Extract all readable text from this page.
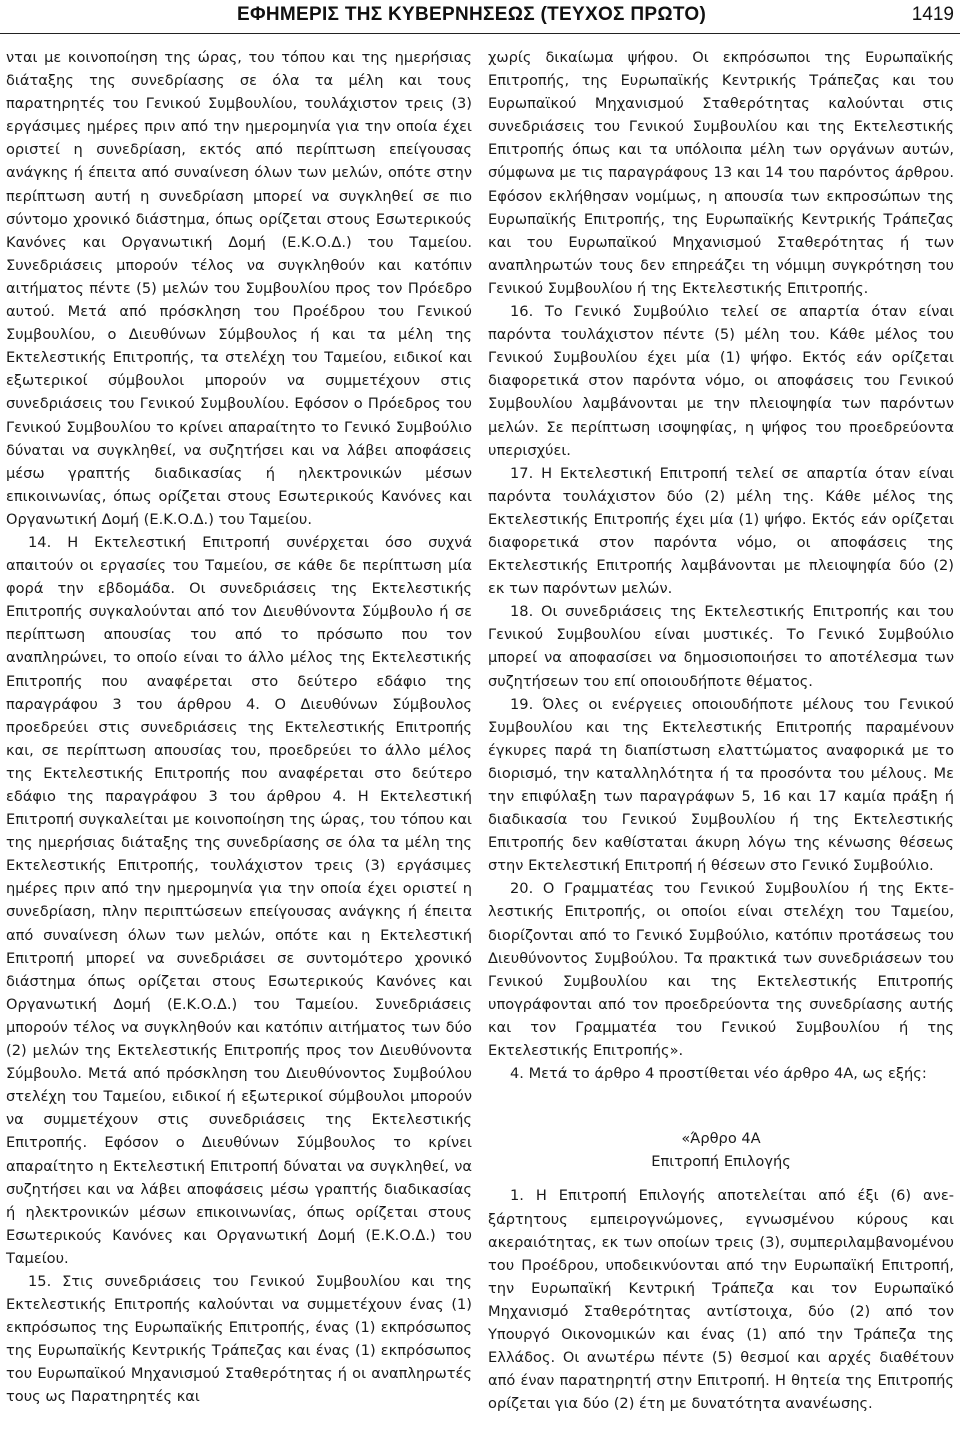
ΕΦΗΜΕΡΙΣ ΤΗΣ ΚΥΒΕΡΝΗΣΕΩΣ (ΤΕΥΧΟΣ ΠΡΩΤΟ)	1419

νται με κοινοποίηση της ώρας, του τόπου και της ημερήσιας διάταξης της συνεδρίασης σε όλα τα μέλη και τους παρατηρητές του Γενικού Συμβουλίου, τουλάχιστον τρεις (3) εργάσιμες ημέρες πριν από την ημερομηνία για την οποία έχει οριστεί η συνεδρίαση, εκτός από περίπτωση επείγουσας ανάγκης ή έπειτα από συναίνεση όλων των μελών, οπότε στην περίπτωση αυτή η συνεδρίαση μπορεί να συγκληθεί σε πιο σύντομο χρονικό διάστημα, όπως ορίζεται στους Εσωτερικούς Κανόνες και Οργανωτική Δομή (Ε.Κ.Ο.Δ.) του Ταμείου. Συνεδριάσεις μπορούν τέλος να συγκληθούν και κατόπιν αιτήματος πέντε (5) μελών του Συμβουλίου προς τον Πρόεδρο αυτού. Μετά από πρόσκληση του Προέδρου του Γενικού Συμβουλίου, ο Διευθύνων Σύμβουλος ή και τα μέλη της Εκτελεστικής Επιτροπής, τα στελέχη του Ταμείου, ειδικοί και εξωτερικοί σύμβουλοι μπορούν να συμμετέχουν στις συνεδριάσεις του Γενικού Συμβουλίου. Εφόσον ο Πρόεδρος του Γενικού Συμβουλίου το κρίνει απαραίτητο το Γενικό Συμβούλιο δύναται να συγκληθεί, να συζητήσει και να λάβει αποφάσεις μέσω γραπτής διαδικασίας ή ηλεκτρονικών μέσων επικοινωνίας, όπως ορίζεται στους Εσωτερικούς Κανόνες και Οργανωτική Δομή (Ε.Κ.Ο.Δ.) του Ταμείου.

14. Η Εκτελεστική Επιτροπή συνέρχεται όσο συχνά απαιτούν οι εργασίες του Ταμείου, σε κάθε δε περίπτωση μία φορά την εβδομάδα. Οι συνεδριάσεις της Εκτελεστικής Επιτροπής συγκαλούνται από τον Διευθύνοντα Σύμβουλο ή σε περίπτωση απουσίας του από το πρόσωπο που τον αναπληρώνει, το οποίο είναι το άλλο μέλος της Εκτελεστικής Επιτροπής που αναφέρεται στο δεύτερο εδάφιο της παραγράφου 3 του άρθρου 4. Ο Διευθύνων Σύμβουλος προεδρεύει στις συνεδριάσεις της Εκτελεστικής Επιτροπής και, σε περίπτωση απουσίας του, προεδρεύει το άλλο μέλος της Εκτελεστικής Επιτροπής που αναφέρεται στο δεύτερο εδάφιο της παραγράφου 3 του άρθρου 4. Η Εκτελεστική Επιτροπή συγκαλείται με κοινοποίηση της ώρας, του τόπου και της ημερήσιας διάταξης της συνεδρίασης σε όλα τα μέλη της Εκτελεστικής Επιτροπής, τουλάχιστον τρεις (3) εργάσιμες ημέρες πριν από την ημερομηνία για την οποία έχει οριστεί η συνεδρίαση, πλην περιπτώσεων επείγουσας ανάγκης ή έπειτα από συναίνεση όλων των μελών, οπότε και η Εκτελεστική Επιτροπή μπορεί να συνεδριάσει σε συντομότερο χρονικό διάστημα όπως ορίζεται στους Εσωτερικούς Κανόνες και Οργανωτική Δομή (Ε.Κ.Ο.Δ.) του Ταμείου. Συνεδριάσεις μπορούν τέλος να συγκληθούν και κατόπιν αιτήματος των δύο (2) μελών της Εκτελεστικής Επιτροπής προς τον Διευθύνοντα Σύμβουλο. Μετά από πρόσκληση του Διευθύνοντος Συμβούλου στελέχη του Ταμείου, ειδικοί ή εξωτερικοί σύμβουλοι μπορούν να συμμετέχουν στις συνεδριάσεις της Εκτελεστικής Επιτροπής. Εφόσον ο Διευθύνων Σύμβουλος το κρίνει απαραίτητο η Εκτελεστική Επιτροπή δύναται να συγκληθεί, να συζητήσει και να λάβει αποφάσεις μέσω γραπτής διαδικασίας ή ηλεκτρονικών μέσων επικοινωνίας, όπως ορίζεται στους Εσωτερικούς Κανόνες και Οργανωτική Δομή (Ε.Κ.Ο.Δ.) του Ταμείου.

15. Στις συνεδριάσεις του Γενικού Συμβουλίου και της Εκτελεστικής Επιτροπής καλούνται να συμμετέχουν ένας (1) εκπρόσωπος της Ευρωπαϊκής Επιτροπής, ένας (1) εκπρόσωπος της Ευρωπαϊκής Κεντρικής Τράπεζας και ένας (1) εκπρόσωπος του Ευρωπαϊκού Μηχανισμού Σταθερότητας ή οι αναπληρωτές τους ως Παρατηρητές και

χωρίς δικαίωμα ψήφου. Οι εκπρόσωποι της Ευρωπαϊκής Επιτροπής, της Ευρωπαϊκής Κεντρικής Τράπεζας και του Ευρωπαϊκού Μηχανισμού Σταθερότητας καλούνται στις συνεδριάσεις του Γενικού Συμβουλίου και της Εκτελεστικής Επιτροπής όπως και τα υπόλοιπα μέλη των οργάνων αυτών, σύμφωνα με τις παραγράφους 13 και 14 του παρόντος άρθρου. Εφόσον εκλήθησαν νομίμως, η απουσία των εκπροσώπων της Ευρωπαϊκής Επιτροπής, της Ευρωπαϊκής Κεντρικής Τράπεζας και του Ευρωπαϊκού Μηχανισμού Σταθερότητας ή των αναπληρωτών τους δεν επηρεάζει τη νόμιμη συγκρότηση του Γενικού Συμβουλίου ή της Εκτελεστικής Επιτροπής.

16. Το Γενικό Συμβούλιο τελεί σε απαρτία όταν είναι παρόντα τουλάχιστον πέντε (5) μέλη του. Κάθε μέλος του Γενικού Συμβουλίου έχει μία (1) ψήφο. Εκτός εάν ορίζεται διαφορετικά στον παρόντα νόμο, οι αποφάσεις του Γενικού Συμβουλίου λαμβάνονται με την πλειοψηφία των παρόντων μελών. Σε περίπτωση ισοψηφίας, η ψήφος του προεδρεύοντα υπερισχύει.

17. Η Εκτελεστική Επιτροπή τελεί σε απαρτία όταν είναι παρόντα τουλάχιστον δύο (2) μέλη της. Κάθε μέλος της Εκτελεστικής Επιτροπής έχει μία (1) ψήφο. Εκτός εάν ορίζεται διαφορετικά στον παρόντα νόμο, οι αποφάσεις της Εκτελεστικής Επιτροπής λαμβάνονται με πλειοψηφία δύο (2) εκ των παρόντων μελών.

18. Οι συνεδριάσεις της Εκτελεστικής Επιτροπής και του Γενικού Συμβουλίου είναι μυστικές. Το Γενικό Συμβούλιο μπορεί να αποφασίσει να δημοσιοποιήσει το αποτέλεσμα των συζητήσεων του επί οποιουδήποτε θέματος.

19. Όλες οι ενέργειες οποιουδήποτε μέλους του Γενικού Συμβουλίου και της Εκτελεστικής Επιτροπής παραμένουν έγκυρες παρά τη διαπίστωση ελαττώματος αναφορικά με το διορισμό, την καταλληλότητα ή τα προσόντα του μέλους. Με την επιφύλαξη των παραγράφων 5, 16 και 17 καμία πράξη ή διαδικασία του Γενικού Συμβουλίου ή της Εκτελεστικής Επιτροπής δεν καθίσταται άκυρη λόγω της κένωσης θέσεως στην Εκτελεστική Επιτροπή ή θέσεων στο Γενικό Συμβούλιο.

20. Ο Γραμματέας του Γενικού Συμβουλίου ή της Εκτελεστικής Επιτροπής, οι οποίοι είναι στελέχη του Ταμείου, διορίζονται από το Γενικό Συμβούλιο, κατόπιν προτάσεως του Διευθύνοντος Συμβούλου. Τα πρακτικά των συνεδριάσεων του Γενικού Συμβουλίου και της Εκτελεστικής Επιτροπής υπογράφονται από τον προεδρεύοντα της συνεδρίασης αυτής και τον Γραμματέα του Γενικού Συμβουλίου ή της Εκτελεστικής Επιτροπής».

4. Μετά το άρθρο 4 προστίθεται νέο άρθρο 4Α, ως εξής:

«Άρθρο 4Α

Επιτροπή Επιλογής

1. Η Επιτροπή Επιλογής αποτελείται από έξι (6) ανεξάρτητους εμπειρογνώμονες, εγνωσμένου κύρους και ακεραιότητας, εκ των οποίων τρεις (3), συμπεριλαμβανομένου του Προέδρου, υποδεικνύονται από την Ευρωπαϊκή Επιτροπή, την Ευρωπαϊκή Κεντρική Τράπεζα και τον Ευρωπαϊκό Μηχανισμό Σταθερότητας αντίστοιχα, δύο (2) από τον Υπουργό Οικονομικών και ένας (1) από την Τράπεζα της Ελλάδος. Οι ανωτέρω πέντε (5) θεσμοί και αρχές διαθέτουν από έναν παρατηρητή στην Επιτροπή. Η θητεία της Επιτροπής ορίζεται για δύο (2) έτη με δυνατότητα ανανέωσης.
